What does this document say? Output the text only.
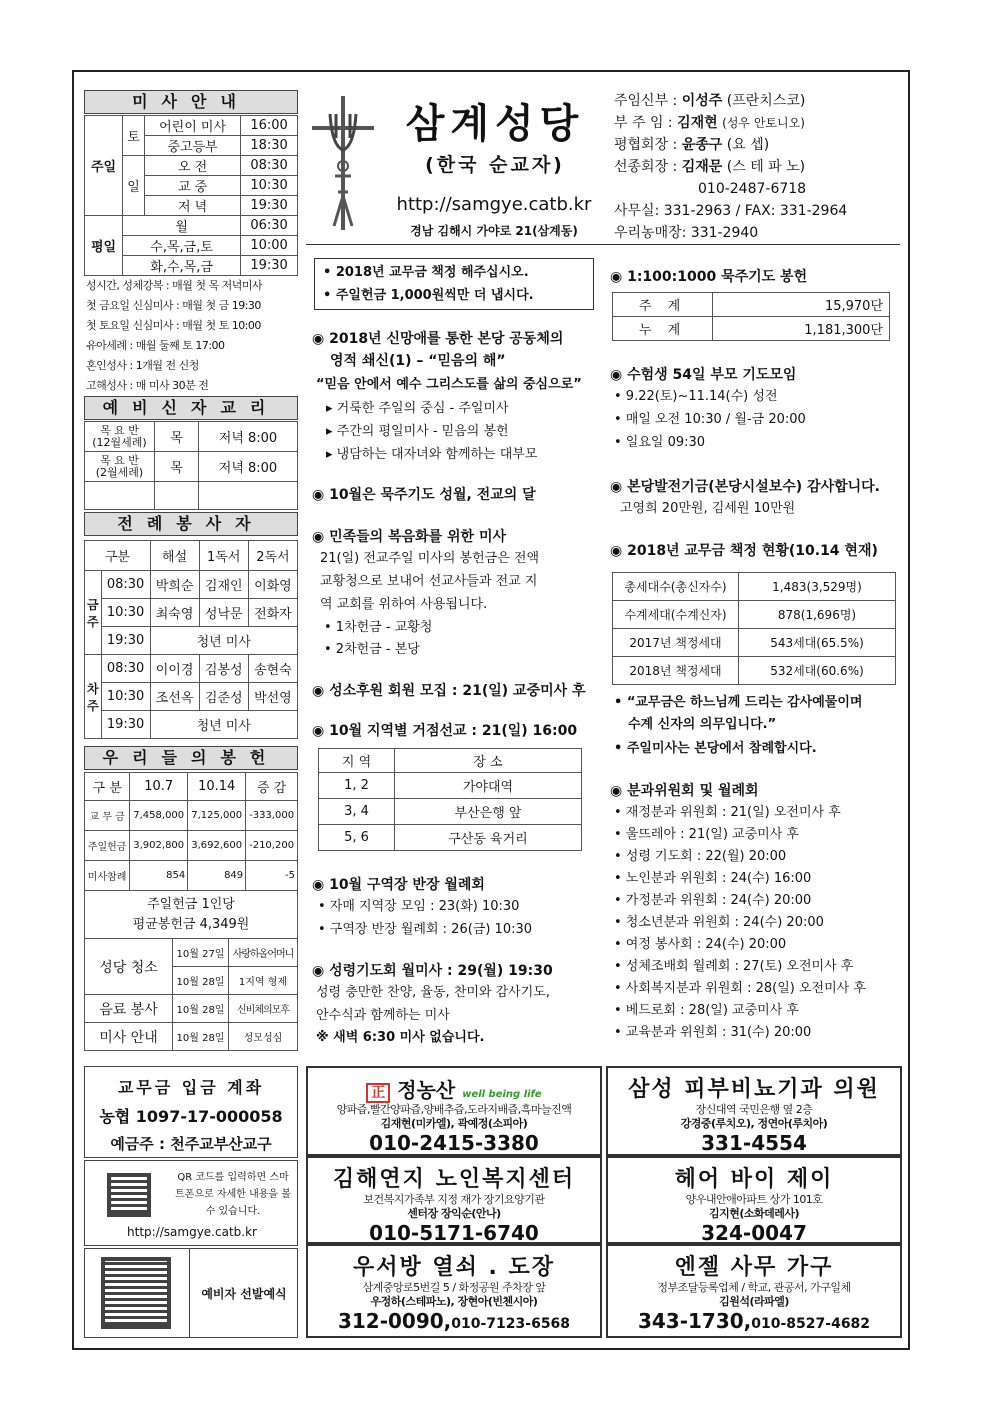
미사안내
주일	토	어린이 미사	16:00
		중고등부	18:30
	일	오 전	08:30
		교 중	10:30
		저 녁	19:30
평일	월		06:30
	수,목,금,토		10:00
	화,수,목,금		19:30
성시간, 성체강복 : 매월 첫 목 저녁미사
첫 금요일 신심미사 : 매월 첫 금 19:30
첫 토요일 신심미사 : 매월 첫 토 10:00
유아세례 : 매월 둘째 토 17:00
혼인성사 : 1개월 전 신청
고해성사 : 매 미사 30분 전
예비신자교리
목 요 반
(12월세례)	목	저녁 8:00

목 요 반
(2월세례)	목	저녁 8:00

전례봉사자
구분		해설	1독서	2독서
금주	08:30	박희순	김재인	이화영
	10:30	최숙영	성낙문	전화자
	19:30	청년 미사		
차주	08:30	이이경	김봉성	송현숙
	10:30	조선옥	김준성	박선영
	19:30	청년 미사		
우리들의봉헌
구 분	10.7	10.14	증 감
교 무 금	7,458,000	7,125,000	-333,000
주일헌금	3,902,800	3,692,600	-210,200
미사참례	854	849	-5

주일헌금 1인당
평균봉헌금 4,349원			
성당 청소	10월 27일	사랑하올어머니
	10월 28일	1지역 형제
음료 봉사	10월 28일	신비체의모후
미사 안내	10월 28일	성모성심
교무금 입금 계좌
농협 1097-17-000058
예금주 : 천주교부산교구
QR 코드를 입력하면 스마트폰으로 자세한 내용을 볼 수 있습니다.
http://samgye.catb.kr
예비자 선발예식
삼계성당
(한국 순교자)
http://samgye.catb.kr
경남 김해시 가야로 21(삼계동)
주임신부 : 이성주 (프란치스코)
부 주 임 : 김재현 (성우 안토니오)
평협회장 : 윤종구 (요 셉)
선종회장 : 김재문 (스 테 파 노)
010-2487-6718
사무실: 331-2963 / FAX: 331-2964
우리농매장: 331-2940
• 2018년 교무금 책정 해주십시오.
• 주일헌금 1,000원씩만 더 냅시다.
◉ 2018년 신망애를 통한 본당 공동체의
영적 쇄신(1) – “믿음의 해”
“믿음 안에서 예수 그리스도를 삶의 중심으로”
▸ 거룩한 주일의 중심 - 주일미사
▸ 주간의 평일미사 - 믿음의 봉헌
▸ 냉담하는 대자녀와 함께하는 대부모
◉ 10월은 묵주기도 성월, 전교의 달
◉ 민족들의 복음화를 위한 미사
21(일) 전교주일 미사의 봉헌금은 전액
교황청으로 보내어 선교사들과 전교 지
역 교회를 위하여 사용됩니다.
• 1차헌금 - 교황청
• 2차헌금 - 본당
◉ 성소후원 회원 모집 : 21(일) 교중미사 후
◉ 10월 지역별 거점선교 : 21(일) 16:00
지 역	장 소
1, 2	가야대역
3, 4	부산은행 앞
5, 6	구산동 육거리
◉ 10월 구역장 반장 월례회
• 자매 지역장 모임 : 23(화) 10:30
• 구역장 반장 월례회 : 26(금) 10:30
◉ 성령기도회 월미사 : 29(월) 19:30
성령 충만한 찬양, 율동, 찬미와 감사기도,
안수식과 함께하는 미사
※ 새벽 6:30 미사 없습니다.
◉ 1:100:1000 묵주기도 봉헌
주 계	15,970단
누 계	1,181,300단
◉ 수험생 54일 부모 기도모임
• 9.22(토)~11.14(수) 성전
• 매일 오전 10:30 / 월-금 20:00
• 일요일 09:30
◉ 본당발전기금(본당시설보수) 감사합니다.
고영희 20만원, 김세원 10만원
◉ 2018년 교무금 책정 현황(10.14 현재)
총세대수(총신자수)	1,483(3,529명)
수계세대(수계신자)	878(1,696명)
2017년 책정세대	543세대(65.5%)
2018년 책정세대	532세대(60.6%)
• “교무금은 하느님께 드리는 감사예물이며
수계 신자의 의무입니다.”
• 주일미사는 본당에서 참례합시다.
◉ 분과위원회 및 월례회
• 재정분과 위원회 : 21(일) 오전미사 후
• 울뜨레아 : 21(일) 교중미사 후
• 성령 기도회 : 22(월) 20:00
• 노인분과 위원회 : 24(수) 16:00
• 가정분과 위원회 : 24(수) 20:00
• 청소년분과 위원회 : 24(수) 20:00
• 여정 봉사회 : 24(수) 20:00
• 성체조배회 월례회 : 27(토) 오전미사 후
• 사회복지분과 위원회 : 28(일) 오전미사 후
• 베드로회 : 28(일) 교중미사 후
• 교육분과 위원회 : 31(수) 20:00
正 정농산 well being life
양파즙,빨간양파즙,양배추즙,도라지배즙,흑마늘진액
김재현(미카엘), 곽예정(소피아)
010-2415-3380
삼성 피부비뇨기과 의원
장신대역 국민은행 옆 2층
강경중(루치오), 정연아(루치아)
331-4554
김해연지 노인복지센터
보건복지가족부 지정 재가 장기요양기관
센터장 장익순(안나)
010-5171-6740
헤어 바이 제이
양우내안애아파트 상가 101호
김지현(소화데레사)
324-0047
우서방 열쇠 . 도장
삼계중앙로5번길 5 / 화정공원 주차장 앞
우정하(스테파노), 장현아(빈첸시아)
312-0090,010-7123-6568
엔젤 사무 가구
정부조달등록업체 / 학교, 관공서, 가구일체
김원석(라파엘)
343-1730,010-8527-4682
